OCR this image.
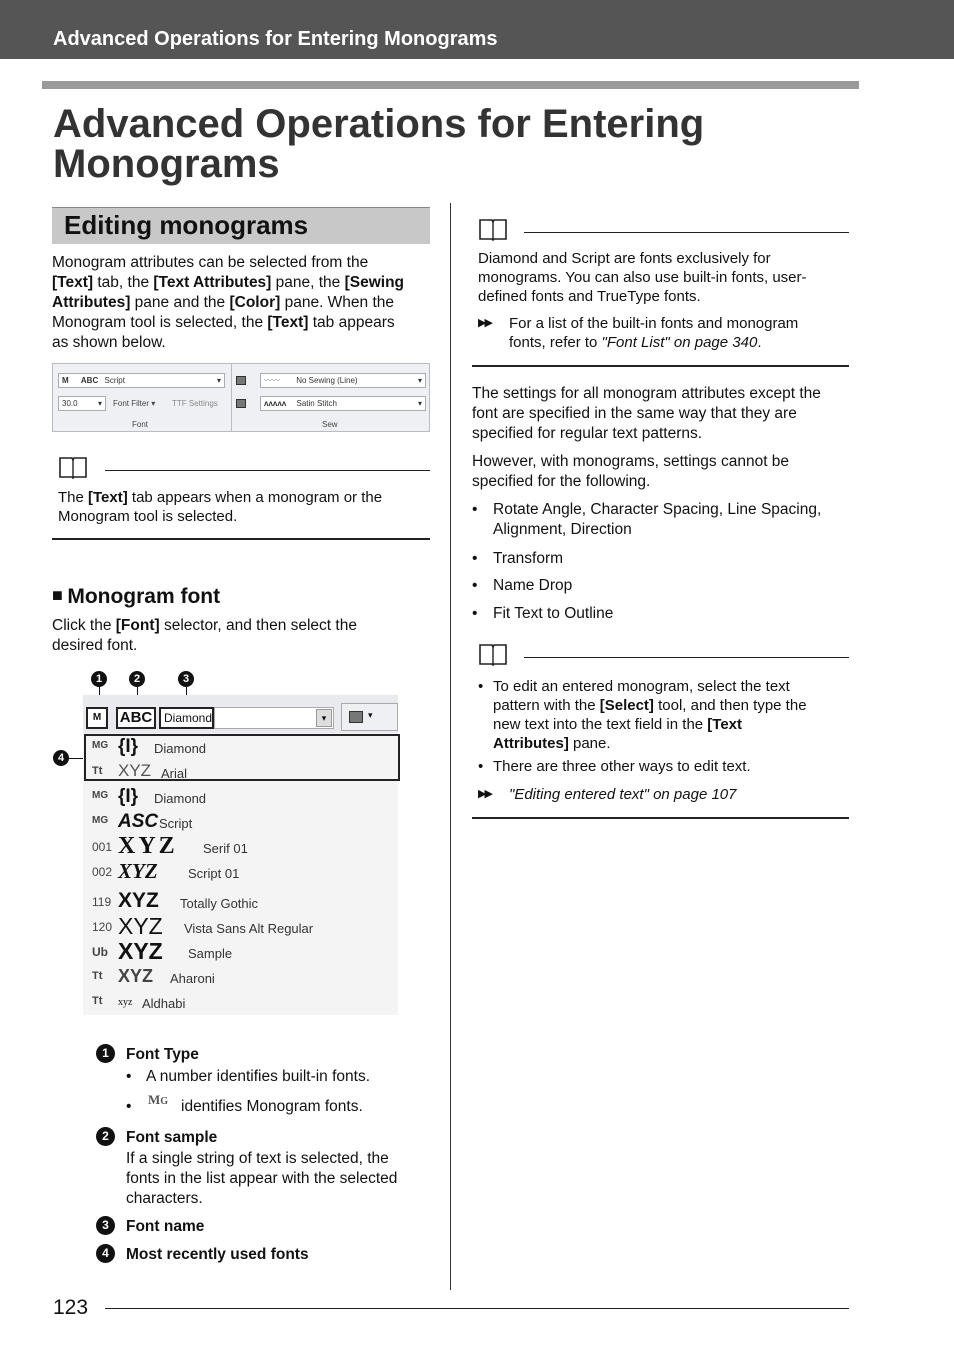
Advanced Operations for Entering Monograms
Advanced Operations for Entering Monograms
Editing monograms
Monogram attributes can be selected from the
[Text] tab, the [Text Attributes] pane, the [Sewing
Attributes] pane and the [Color] pane. When the
Monogram tool is selected, the [Text] tab appears
as shown below.
M ABC Script	▾
30.0	▾ Font Filter ▾ TTF Settings
Font
〰〰 No Sewing (Line)	▾
ʌʌʌʌʌ Satin Stitch	▾
Sew
The [Text] tab appears when a monogram or the
Monogram tool is selected.
■ Monogram font
Click the [Font] selector, and then select the
desired font.
1	2	3
4
M	ABC Diamond	▾	▾
MG {I} Diamond
Tt XYZ Arial
MG {I} Diamond
MG ASC Script
001 XYZ Serif 01
002 XYZ Script 01
119 XYZ Totally Gothic
120 XYZ Vista Sans Alt Regular
Ub XYZ Sample
Tt XYZ Aharoni
Tt xyz Aldhabi
1	Font Type
• A number identifies built-in fonts.
• MG identifies Monogram fonts.
2	Font sample
If a single string of text is selected, the
fonts in the list appear with the selected
characters.
3	Font name
4	Most recently used fonts
Diamond and Script are fonts exclusively for
monograms. You can also use built-in fonts, user-
defined fonts and TrueType fonts.
▶▶ For a list of the built-in fonts and monogram
fonts, refer to "Font List" on page 340.
The settings for all monogram attributes except the
font are specified in the same way that they are
specified for regular text patterns.
However, with monograms, settings cannot be
specified for the following.
• Rotate Angle, Character Spacing, Line Spacing,
Alignment, Direction
• Transform
• Name Drop
• Fit Text to Outline
• To edit an entered monogram, select the text
pattern with the [Select] tool, and then type the
new text into the text field in the [Text
Attributes] pane.
• There are three other ways to edit text.
▶▶ "Editing entered text" on page 107
123
